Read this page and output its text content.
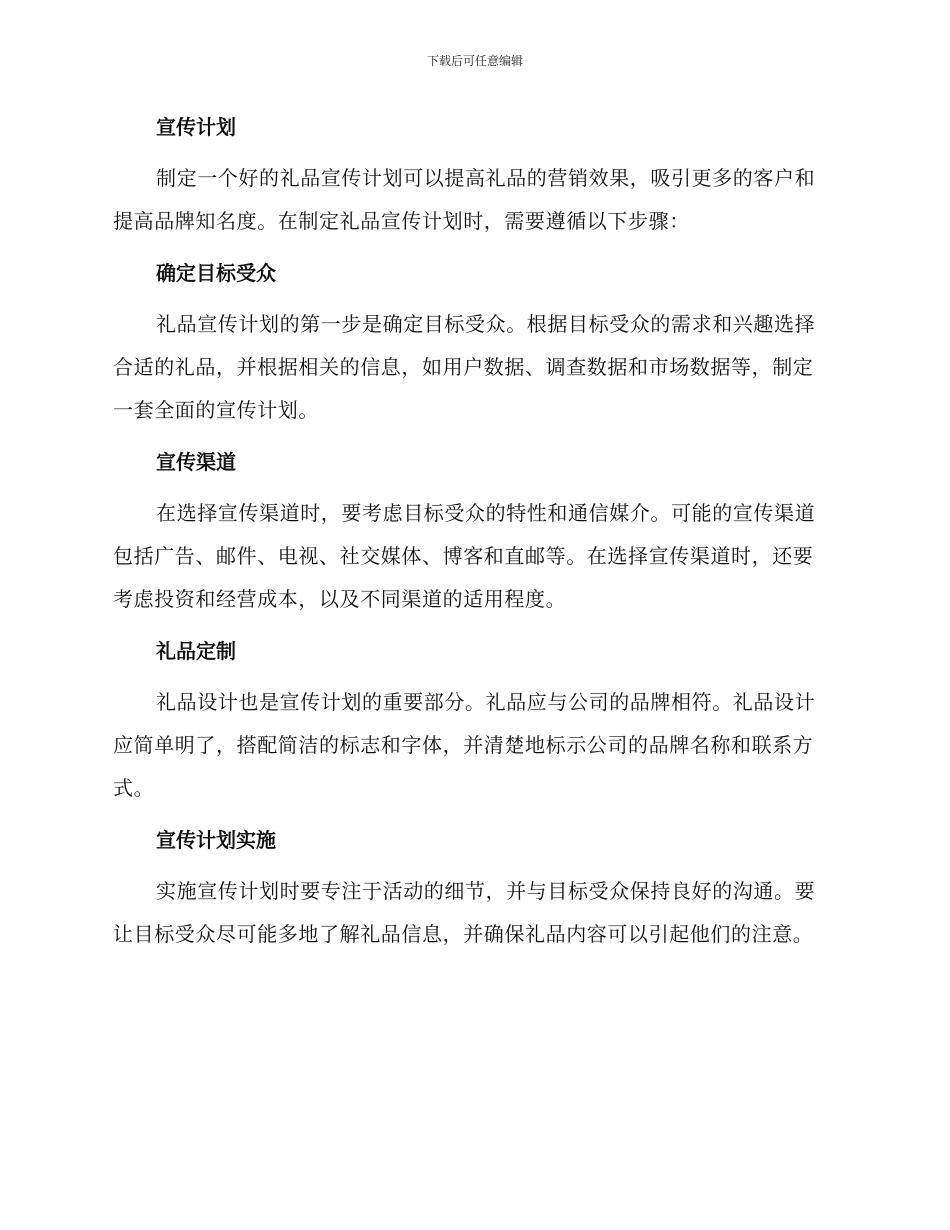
下载后可任意编辑
宣传计划

制定一个好的礼品宣传计划可以提高礼品的营销效果，吸引更多的客户和提高品牌知名度。在制定礼品宣传计划时，需要遵循以下步骤：

确定目标受众

礼品宣传计划的第一步是确定目标受众。根据目标受众的需求和兴趣选择合适的礼品，并根据相关的信息，如用户数据、调查数据和市场数据等，制定一套全面的宣传计划。

宣传渠道

在选择宣传渠道时，要考虑目标受众的特性和通信媒介。可能的宣传渠道包括广告、邮件、电视、社交媒体、博客和直邮等。在选择宣传渠道时，还要考虑投资和经营成本，以及不同渠道的适用程度。

礼品定制

礼品设计也是宣传计划的重要部分。礼品应与公司的品牌相符。礼品设计应简单明了，搭配简洁的标志和字体，并清楚地标示公司的品牌名称和联系方式。

宣传计划实施

实施宣传计划时要专注于活动的细节，并与目标受众保持良好的沟通。要让目标受众尽可能多地了解礼品信息，并确保礼品内容可以引起他们的注意。
